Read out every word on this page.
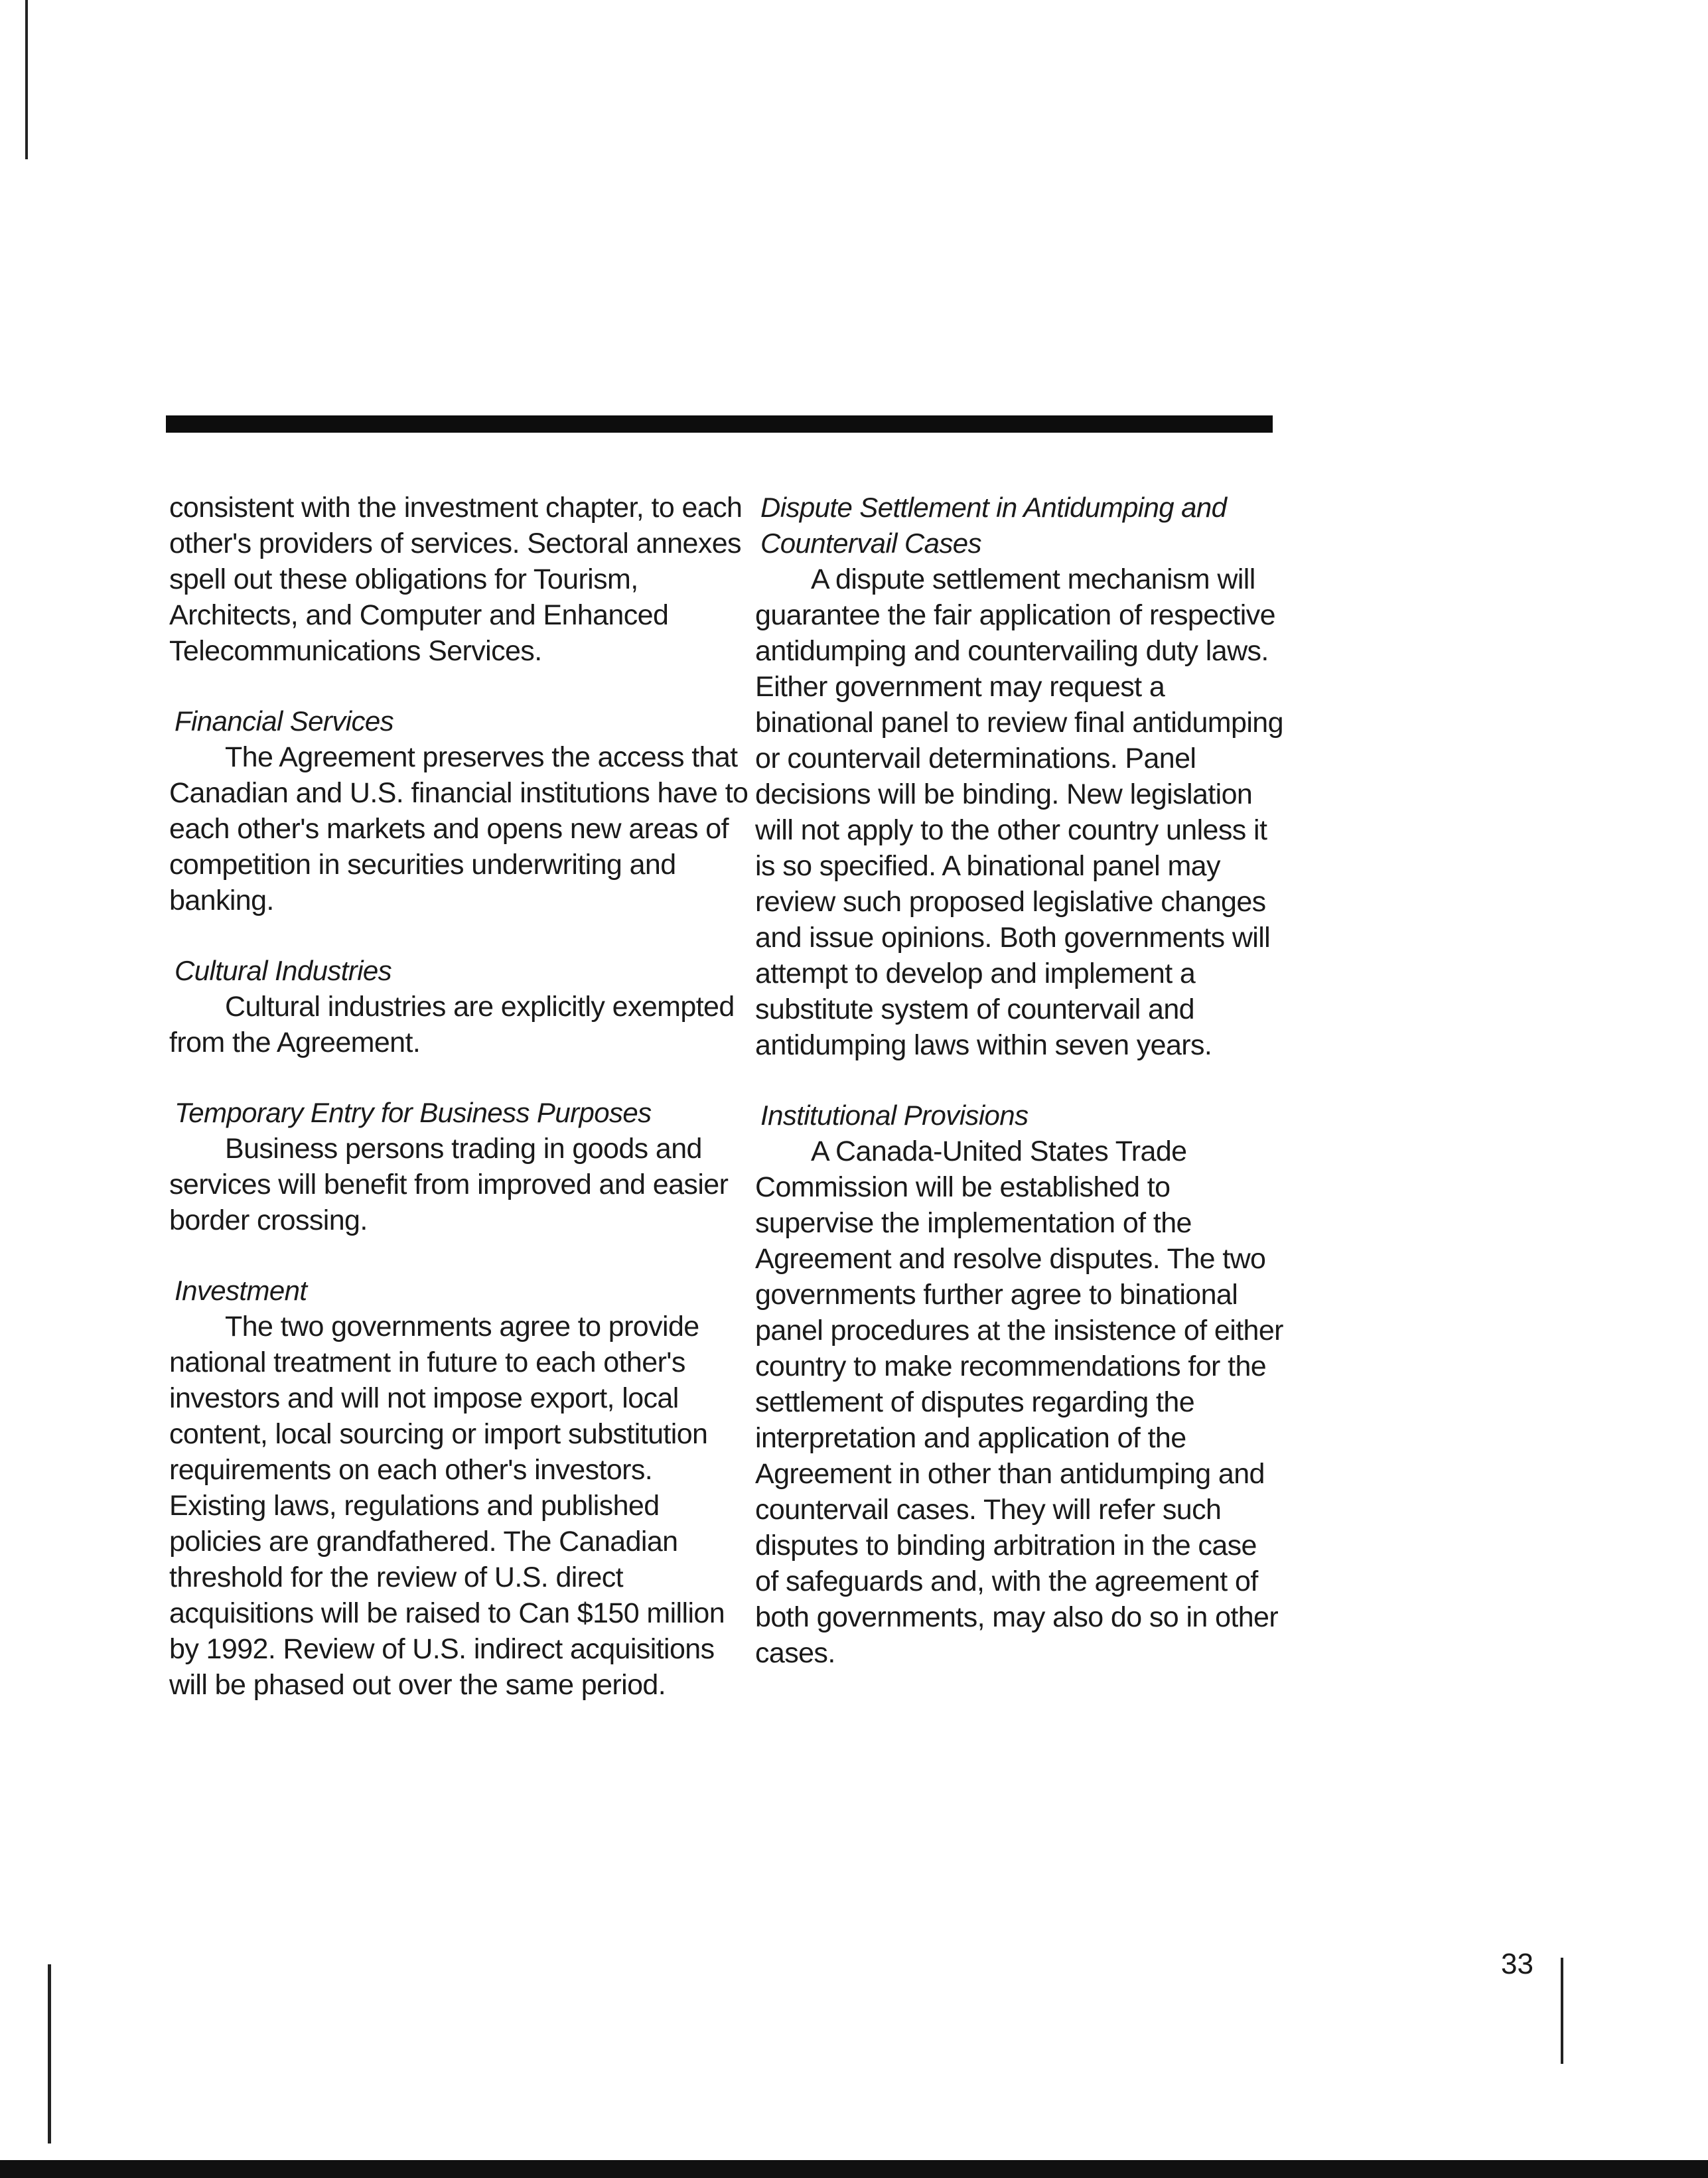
consistent with the investment chapter, to each other's providers of services. Sectoral annexes spell out these obligations for Tourism, Architects, and Computer and Enhanced Telecommunications Services.

Financial Services

The Agreement preserves the access that Canadian and U.S. financial institutions have to each other's markets and opens new areas of competition in securities underwriting and banking.

Cultural Industries

Cultural industries are explicitly exempted from the Agreement.

Temporary Entry for Business Purposes

Business persons trading in goods and services will benefit from improved and easier border crossing.

Investment

The two governments agree to provide national treatment in future to each other's investors and will not impose export, local content, local sourcing or import substitution requirements on each other's investors. Existing laws, regulations and published policies are grandfathered. The Canadian threshold for the review of U.S. direct acquisitions will be raised to Can $150 million by 1992. Review of U.S. indirect acquisitions will be phased out over the same period.

Dispute Settlement in Antidumping and
Countervail Cases

A dispute settlement mechanism will guarantee the fair application of respective antidumping and countervailing duty laws. Either government may request a binational panel to review final antidumping or countervail determinations. Panel decisions will be binding. New legislation will not apply to the other country unless it is so specified. A binational panel may review such proposed legislative changes and issue opinions. Both governments will attempt to develop and implement a substitute system of countervail and antidumping laws within seven years.

Institutional Provisions

A Canada-United States Trade Commission will be established to supervise the implementation of the Agreement and resolve disputes. The two governments further agree to binational panel procedures at the insistence of either country to make recommendations for the settlement of disputes regarding the interpretation and application of the Agreement in other than antidumping and countervail cases. They will refer such disputes to binding arbitration in the case of safeguards and, with the agreement of both governments, may also do so in other cases.

33
